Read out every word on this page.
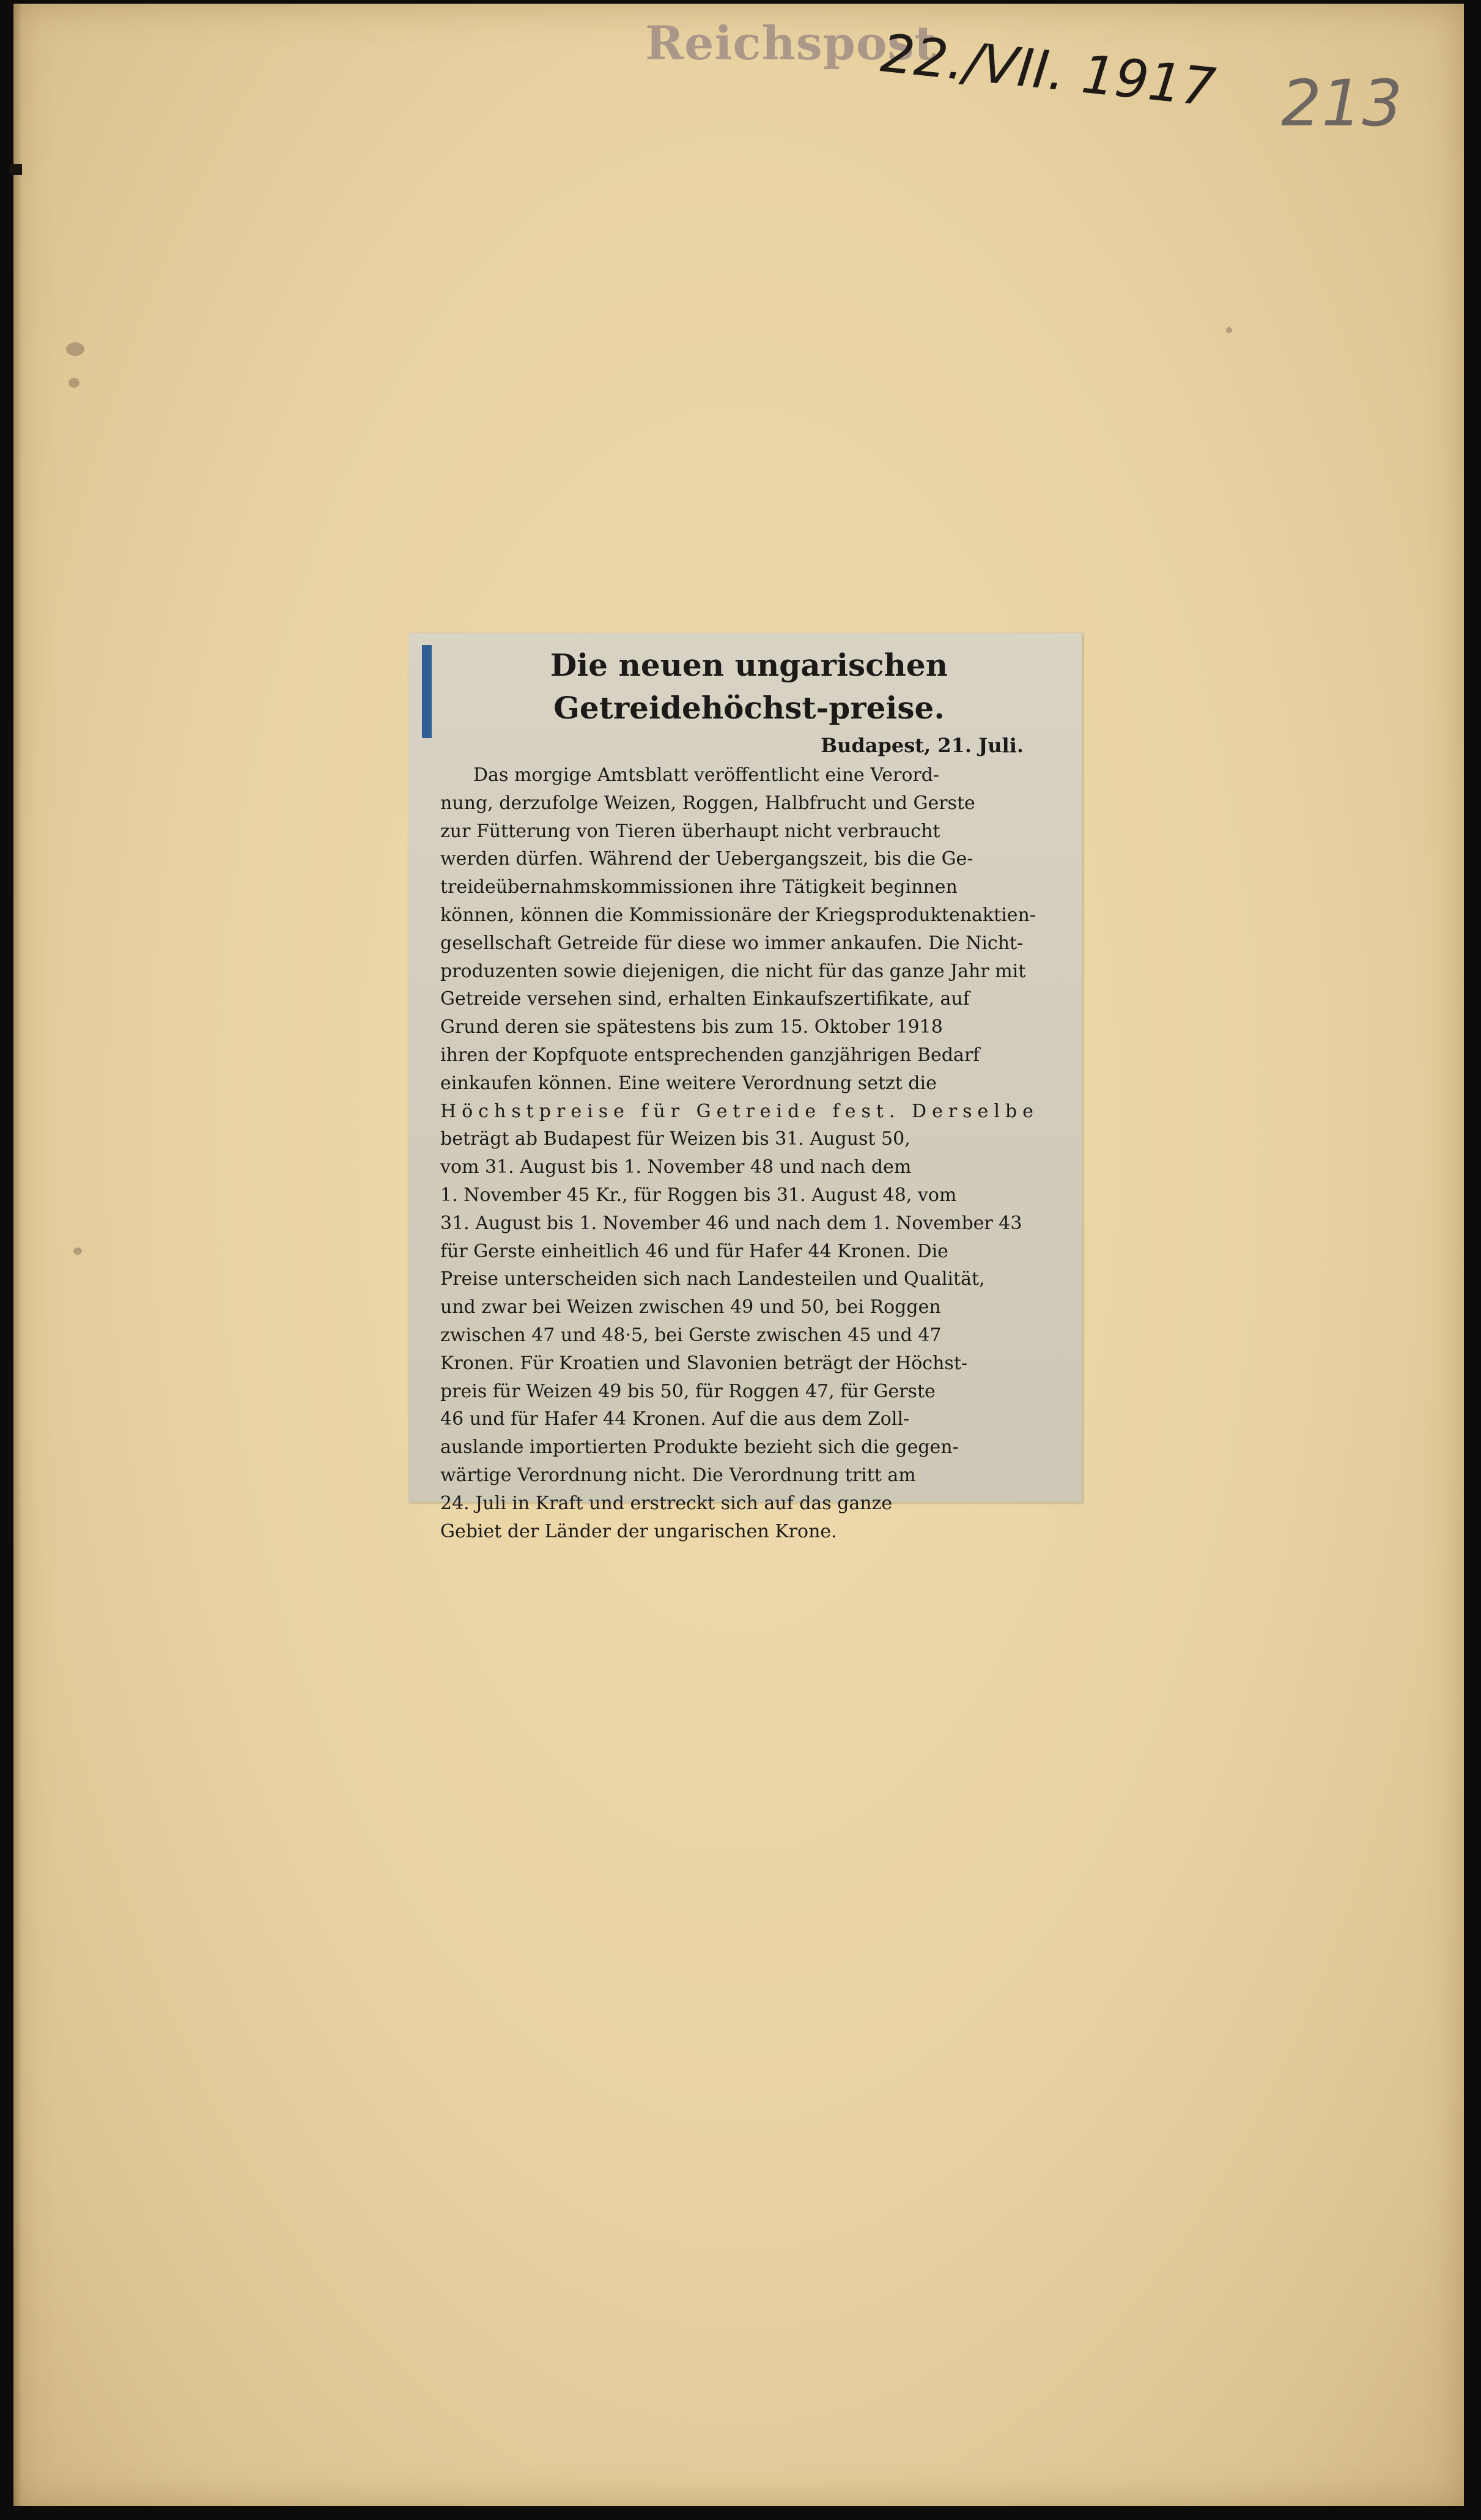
Reichspost
22./VII. 1917 213
Die neuen ungarischen Getreidehöchst-preise.
Budapest, 21. Juli.
Das morgige Amtsblatt veröffentlicht eine Verord-
nung, derzufolge Weizen, Roggen, Halbfrucht und Gerste
zur Fütterung von Tieren überhaupt nicht verbraucht
werden dürfen. Während der Uebergangszeit, bis die Ge-
treideübernahmskommissionen ihre Tätigkeit beginnen
können, können die Kommissionäre der Kriegsproduktenaktien-
gesellschaft Getreide für diese wo immer ankaufen. Die Nicht-
produzenten sowie diejenigen, die nicht für das ganze Jahr mit
Getreide versehen sind, erhalten Einkaufszertifikate, auf
Grund deren sie spätestens bis zum 15. Oktober 1918
ihren der Kopfquote entsprechenden ganzjährigen Bedarf
einkaufen können. Eine weitere Verordnung setzt die
Höchstpreise für Getreide fest. Derselbe
beträgt ab Budapest für Weizen bis 31. August 50,
vom 31. August bis 1. November 48 und nach dem
1. November 45 Kr., für Roggen bis 31. August 48, vom
31. August bis 1. November 46 und nach dem 1. November 43
für Gerste einheitlich 46 und für Hafer 44 Kronen. Die
Preise unterscheiden sich nach Landesteilen und Qualität,
und zwar bei Weizen zwischen 49 und 50, bei Roggen
zwischen 47 und 48·5, bei Gerste zwischen 45 und 47
Kronen. Für Kroatien und Slavonien beträgt der Höchst-
preis für Weizen 49 bis 50, für Roggen 47, für Gerste
46 und für Hafer 44 Kronen. Auf die aus dem Zoll-
auslande importierten Produkte bezieht sich die gegen-
wärtige Verordnung nicht. Die Verordnung tritt am
24. Juli in Kraft und erstreckt sich auf das ganze
Gebiet der Länder der ungarischen Krone.
